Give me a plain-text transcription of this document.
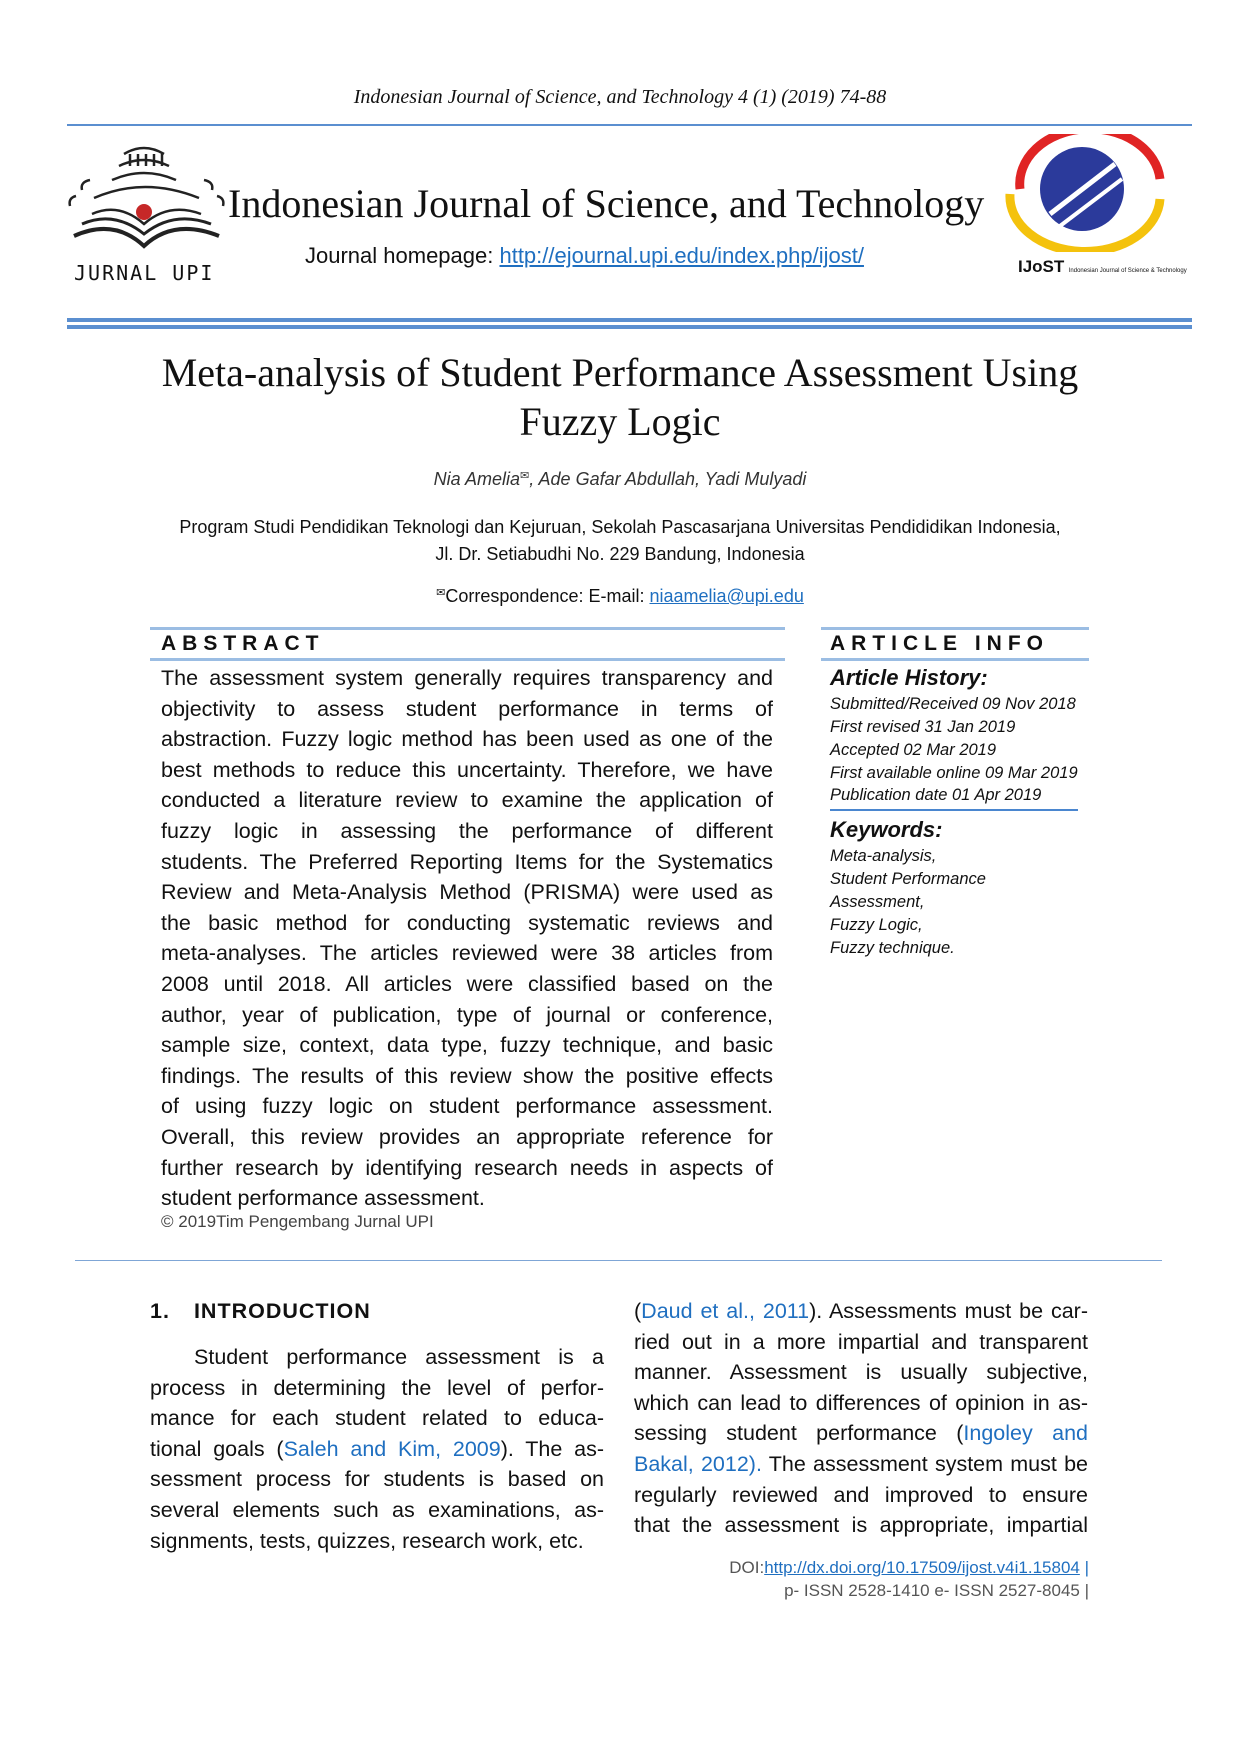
Indonesian Journal of Science, and Technology 4 (1) (2019) 74-88
JURNAL UPI
Indonesian Journal of Science, and Technology
Journal homepage: http://ejournal.upi.edu/index.php/ijost/	IJoST Indonesian Journal of Science & Technology
Meta-analysis of Student Performance Assessment Using
Fuzzy Logic
Nia Amelia✉, Ade Gafar Abdullah, Yadi Mulyadi
Program Studi Pendidikan Teknologi dan Kejuruan, Sekolah Pascasarjana Universitas Pendididikan Indonesia,
Jl. Dr. Setiabudhi No. 229 Bandung, Indonesia
✉Correspondence: E-mail: niaamelia@upi.edu
ABSTRACT
The assessment system generally requires transparency and
objectivity to assess student performance in terms of
abstraction. Fuzzy logic method has been used as one of the
best methods to reduce this uncertainty. Therefore, we have
conducted a literature review to examine the application of
fuzzy logic in assessing the performance of different
students. The Preferred Reporting Items for the Systematics
Review and Meta-Analysis Method (PRISMA) were used as
the basic method for conducting systematic reviews and
meta-analyses. The articles reviewed were 38 articles from
2008 until 2018. All articles were classified based on the
author, year of publication, type of journal or conference,
sample size, context, data type, fuzzy technique, and basic
findings. The results of this review show the positive effects
of using fuzzy logic on student performance assessment.
Overall, this review provides an appropriate reference for
further research by identifying research needs in aspects of
student performance assessment.
© 2019Tim Pengembang Jurnal UPI
ARTICLE INFO
Article History:
Submitted/Received 09 Nov 2018
First revised 31 Jan 2019
Accepted 02 Mar 2019
First available online 09 Mar 2019
Publication date 01 Apr 2019
Keywords:
Meta-analysis,
Student Performance
Assessment,
Fuzzy Logic,
Fuzzy technique.
1. INTRODUCTION
Student performance assessment is a
process in determining the level of perfor-
mance for each student related to educa-
tional goals (Saleh and Kim, 2009). The as-
sessment process for students is based on
several elements such as examinations, as-
signments, tests, quizzes, research work, etc.
(Daud et al., 2011). Assessments must be car-
ried out in a more impartial and transparent
manner. Assessment is usually subjective,
which can lead to differences of opinion in as-
sessing student performance (Ingoley and
Bakal, 2012). The assessment system must be
regularly reviewed and improved to ensure
that the assessment is appropriate, impartial
DOI:http://dx.doi.org/10.17509/ijost.v4i1.15804 |
p- ISSN 2528-1410 e- ISSN 2527-8045 |
